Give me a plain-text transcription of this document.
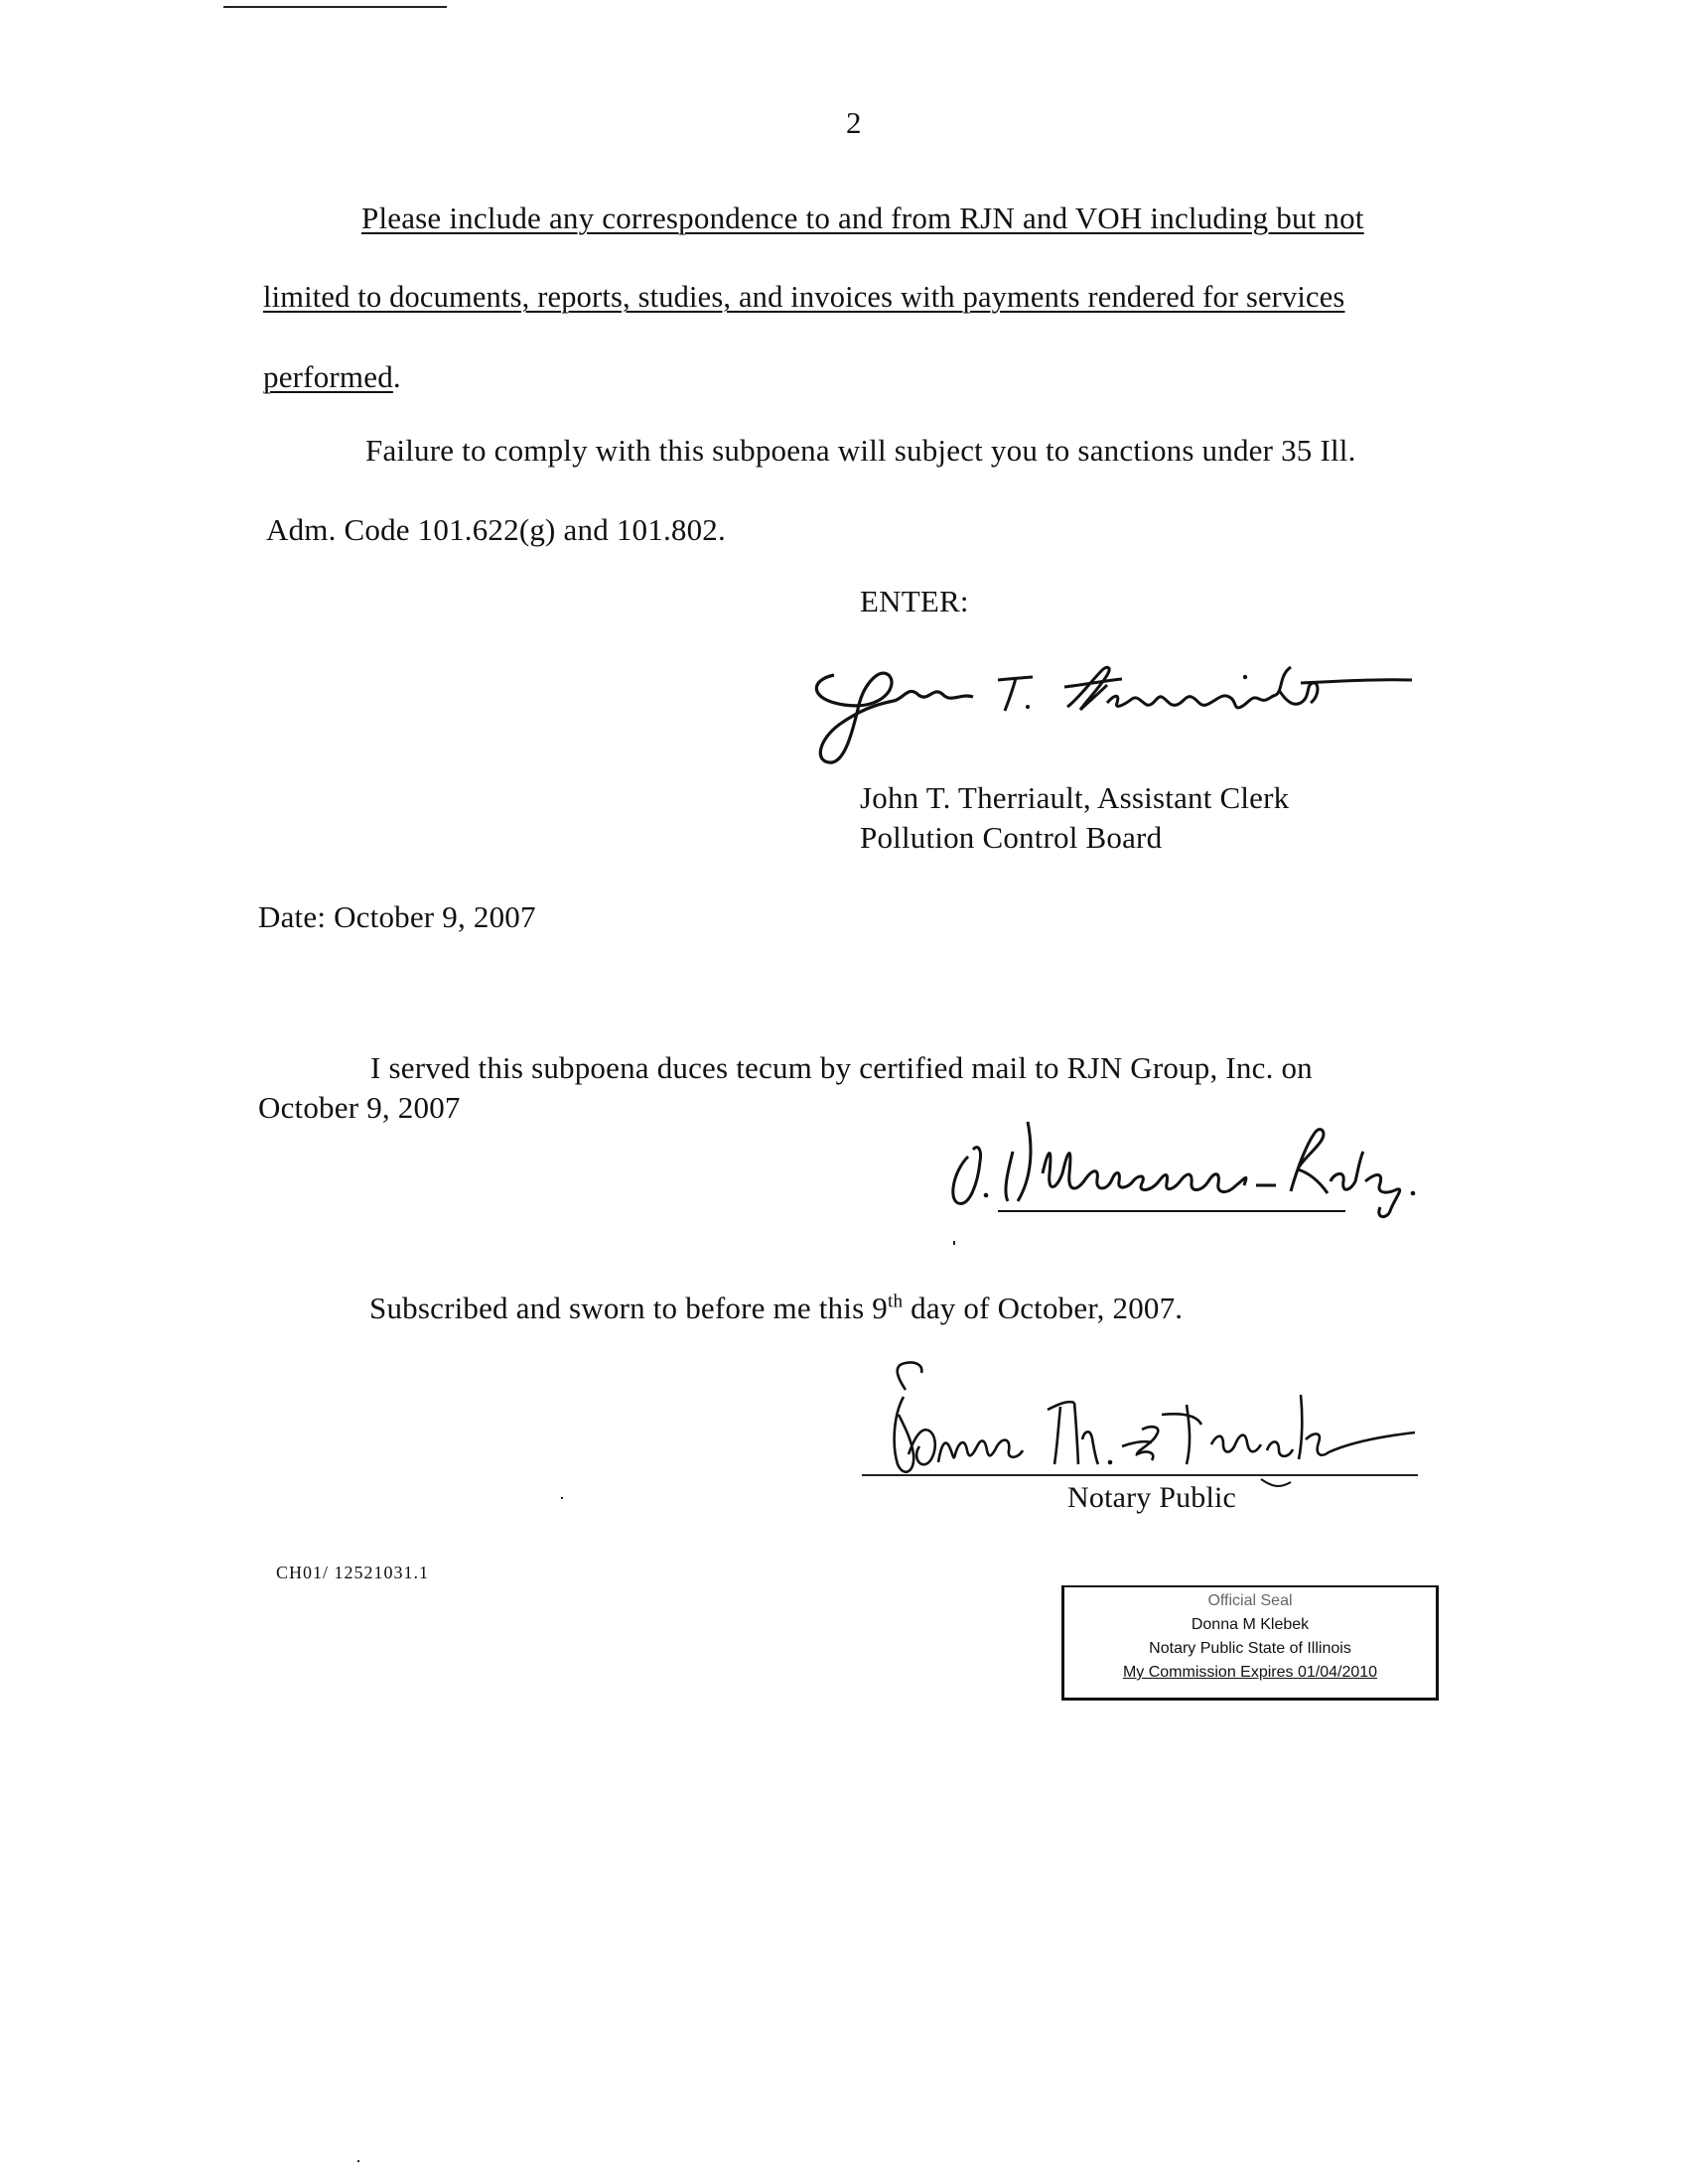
2
Please include any correspondence to and from RJN and VOH including but not
limited to documents, reports, studies, and invoices with payments rendered for services
performed.
Failure to comply with this subpoena will subject you to sanctions under 35 Ill.
Adm. Code 101.622(g) and 101.802.
ENTER:
John T. Therriault, Assistant Clerk
Pollution Control Board
Date: October 9, 2007
I served this subpoena duces tecum by certified mail to RJN Group, Inc. on
October 9, 2007
Subscribed and sworn to before me this 9th day of October, 2007.
Notary Public
CH01/ 12521031.1
Official Seal
Donna M Klebek
Notary Public State of Illinois
My Commission Expires 01/04/2010
